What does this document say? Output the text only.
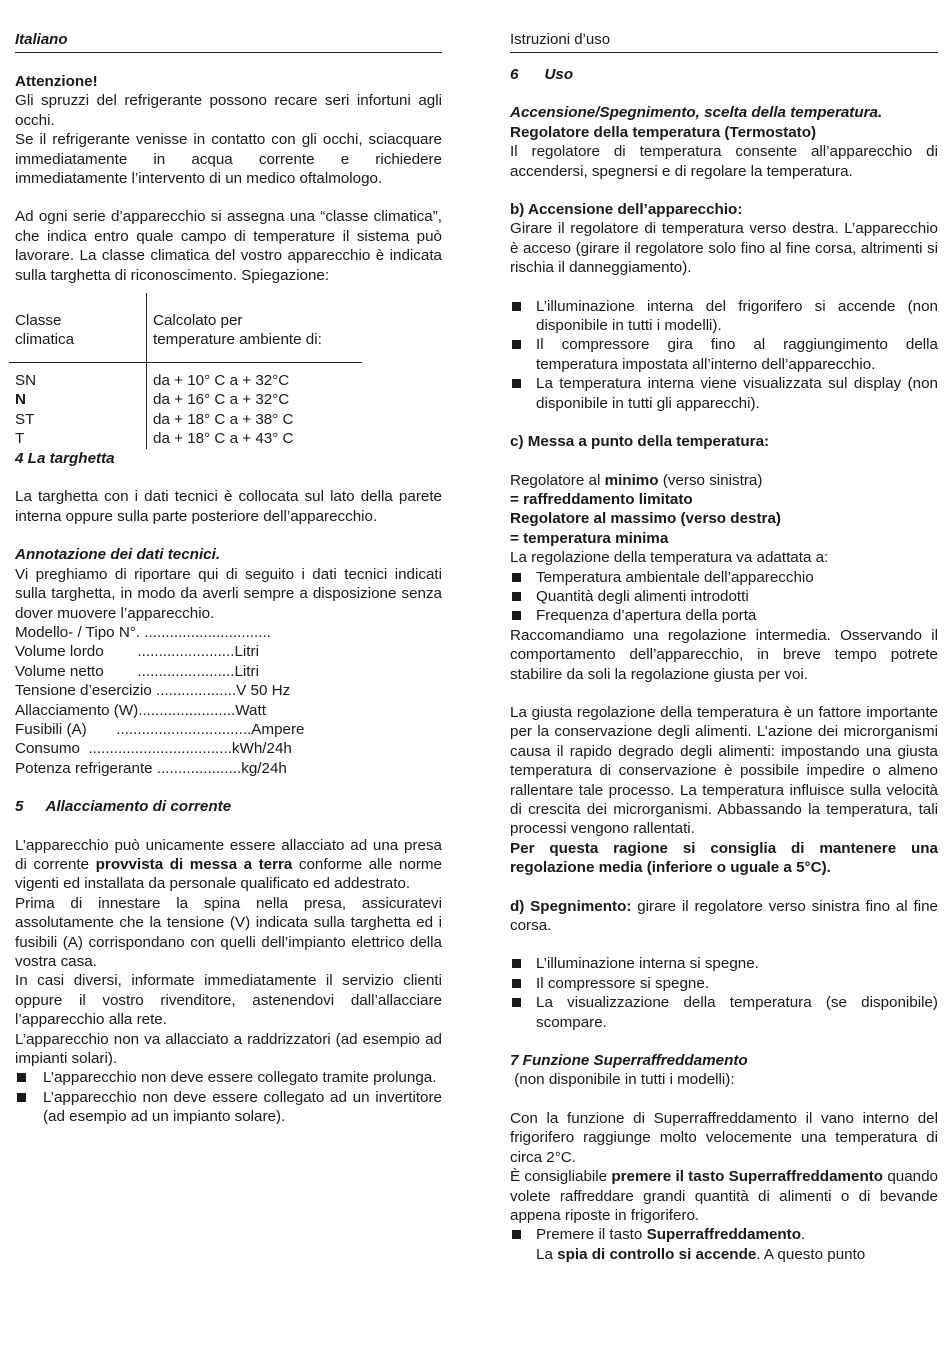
Italiano

Attenzione!

Gli spruzzi del refrigerante possono recare seri infortuni agli occhi.

Se il refrigerante venisse in contatto con gli occhi, sciacquare immediatamente in acqua corrente e richiedere immediatamente l’intervento di un medico oftalmologo.

Ad ogni serie d’apparecchio si assegna una “classe climatica”, che indica entro quale campo di temperature il sistema può lavorare. La classe climatica del vostro apparecchio è indicata sulla targhetta di riconoscimento. Spiegazione:

Classe
climatica
Calcolato per
temperature ambiente di:
SN
N
ST
T
da + 10° C a + 32°C
da + 16° C a + 32°C
da + 18° C a + 38° C
da + 18° C a + 43° C

4 La targhetta

La targhetta con i dati tecnici è collocata sul lato della parete interna oppure sulla parte posteriore dell’apparecchio.

Annotazione dei dati tecnici.

Vi preghiamo di riportare qui di seguito i dati tecnici indicati sulla targhetta, in modo da averli sempre a disposizione senza dover muovere l’apparecchio.

Modello- / Tipo N°. ..............................
Volume lordo ....................... Litri
Volume netto ....................... Litri
Tensione d’esercizio ................... V 50 Hz
Allacciamento (W) ....................... Watt
Fusibili (A) ................................ Ampere
Consumo .................................. kWh/24h
Potenza refrigerante .................... kg/24h

5 Allacciamento di corrente

L’apparecchio può unicamente essere allacciato ad una presa di corrente provvista di messa a terra conforme alle norme vigenti ed installata da personale qualificato ed addestrato.

Prima di innestare la spina nella presa, assicuratevi assolutamente che la tensione (V) indicata sulla targhetta ed i fusibili (A) corrispondano con quelli dell’impianto elettrico della vostra casa.

In casi diversi, informate immediatamente il servizio clienti oppure il vostro rivenditore, astenendovi dall’allacciare l’apparecchio alla rete.

L’apparecchio non va allacciato a raddrizzatori (ad esempio ad impianti solari).

L’apparecchio non deve essere collegato tramite prolunga.

L’apparecchio non deve essere collegato ad un invertitore (ad esempio ad un impianto solare).

Istruzioni d’uso

6 Uso

Accensione/Spegnimento, scelta della temperatura.

Regolatore della temperatura (Termostato)

Il regolatore di temperatura consente all’apparecchio di accendersi, spegnersi e di regolare la temperatura.

b) Accensione dell’apparecchio:

Girare il regolatore di temperatura verso destra. L’apparecchio è acceso (girare il regolatore solo fino al fine corsa, altrimenti si rischia il danneggiamento).

L’illuminazione interna del frigorifero si accende (non disponibile in tutti i modelli).

Il compressore gira fino al raggiungimento della temperatura impostata all’interno dell’apparecchio.

La temperatura interna viene visualizzata sul display (non disponibile in tutti gli apparecchi).

c) Messa a punto della temperatura:

Regolatore al minimo (verso sinistra)

= raffreddamento limitato

Regolatore al massimo (verso destra)

= temperatura minima

La regolazione della temperatura va adattata a:

Temperatura ambientale dell’apparecchio

Quantità degli alimenti introdotti

Frequenza d’apertura della porta

Raccomandiamo una regolazione intermedia. Osservando il comportamento dell’apparecchio, in breve tempo potrete stabilire da soli la regolazione giusta per voi.

La giusta regolazione della temperatura è un fattore importante per la conservazione degli alimenti. L’azione dei microrganismi causa il rapido degrado degli alimenti: impostando una giusta temperatura di conservazione è possibile impedire o almeno rallentare tale processo. La temperatura influisce sulla velocità di crescita dei microrganismi. Abbassando la temperatura, tali processi vengono rallentati.

Per questa ragione si consiglia di mantenere una regolazione media (inferiore o uguale a 5°C).

d) Spegnimento: girare il regolatore verso sinistra fino al fine corsa.

L’illuminazione interna si spegne.

Il compressore si spegne.

La visualizzazione della temperatura (se disponibile) scompare.

7 Funzione Superraffreddamento

(non disponibile in tutti i modelli):

Con la funzione di Superraffreddamento il vano interno del frigorifero raggiunge molto velocemente una temperatura di circa 2°C.

È consigliabile premere il tasto Superraffreddamento quando volete raffreddare grandi quantità di alimenti o di bevande appena riposte in frigorifero.

Premere il tasto Superraffreddamento.
La spia di controllo si accende. A questo punto
